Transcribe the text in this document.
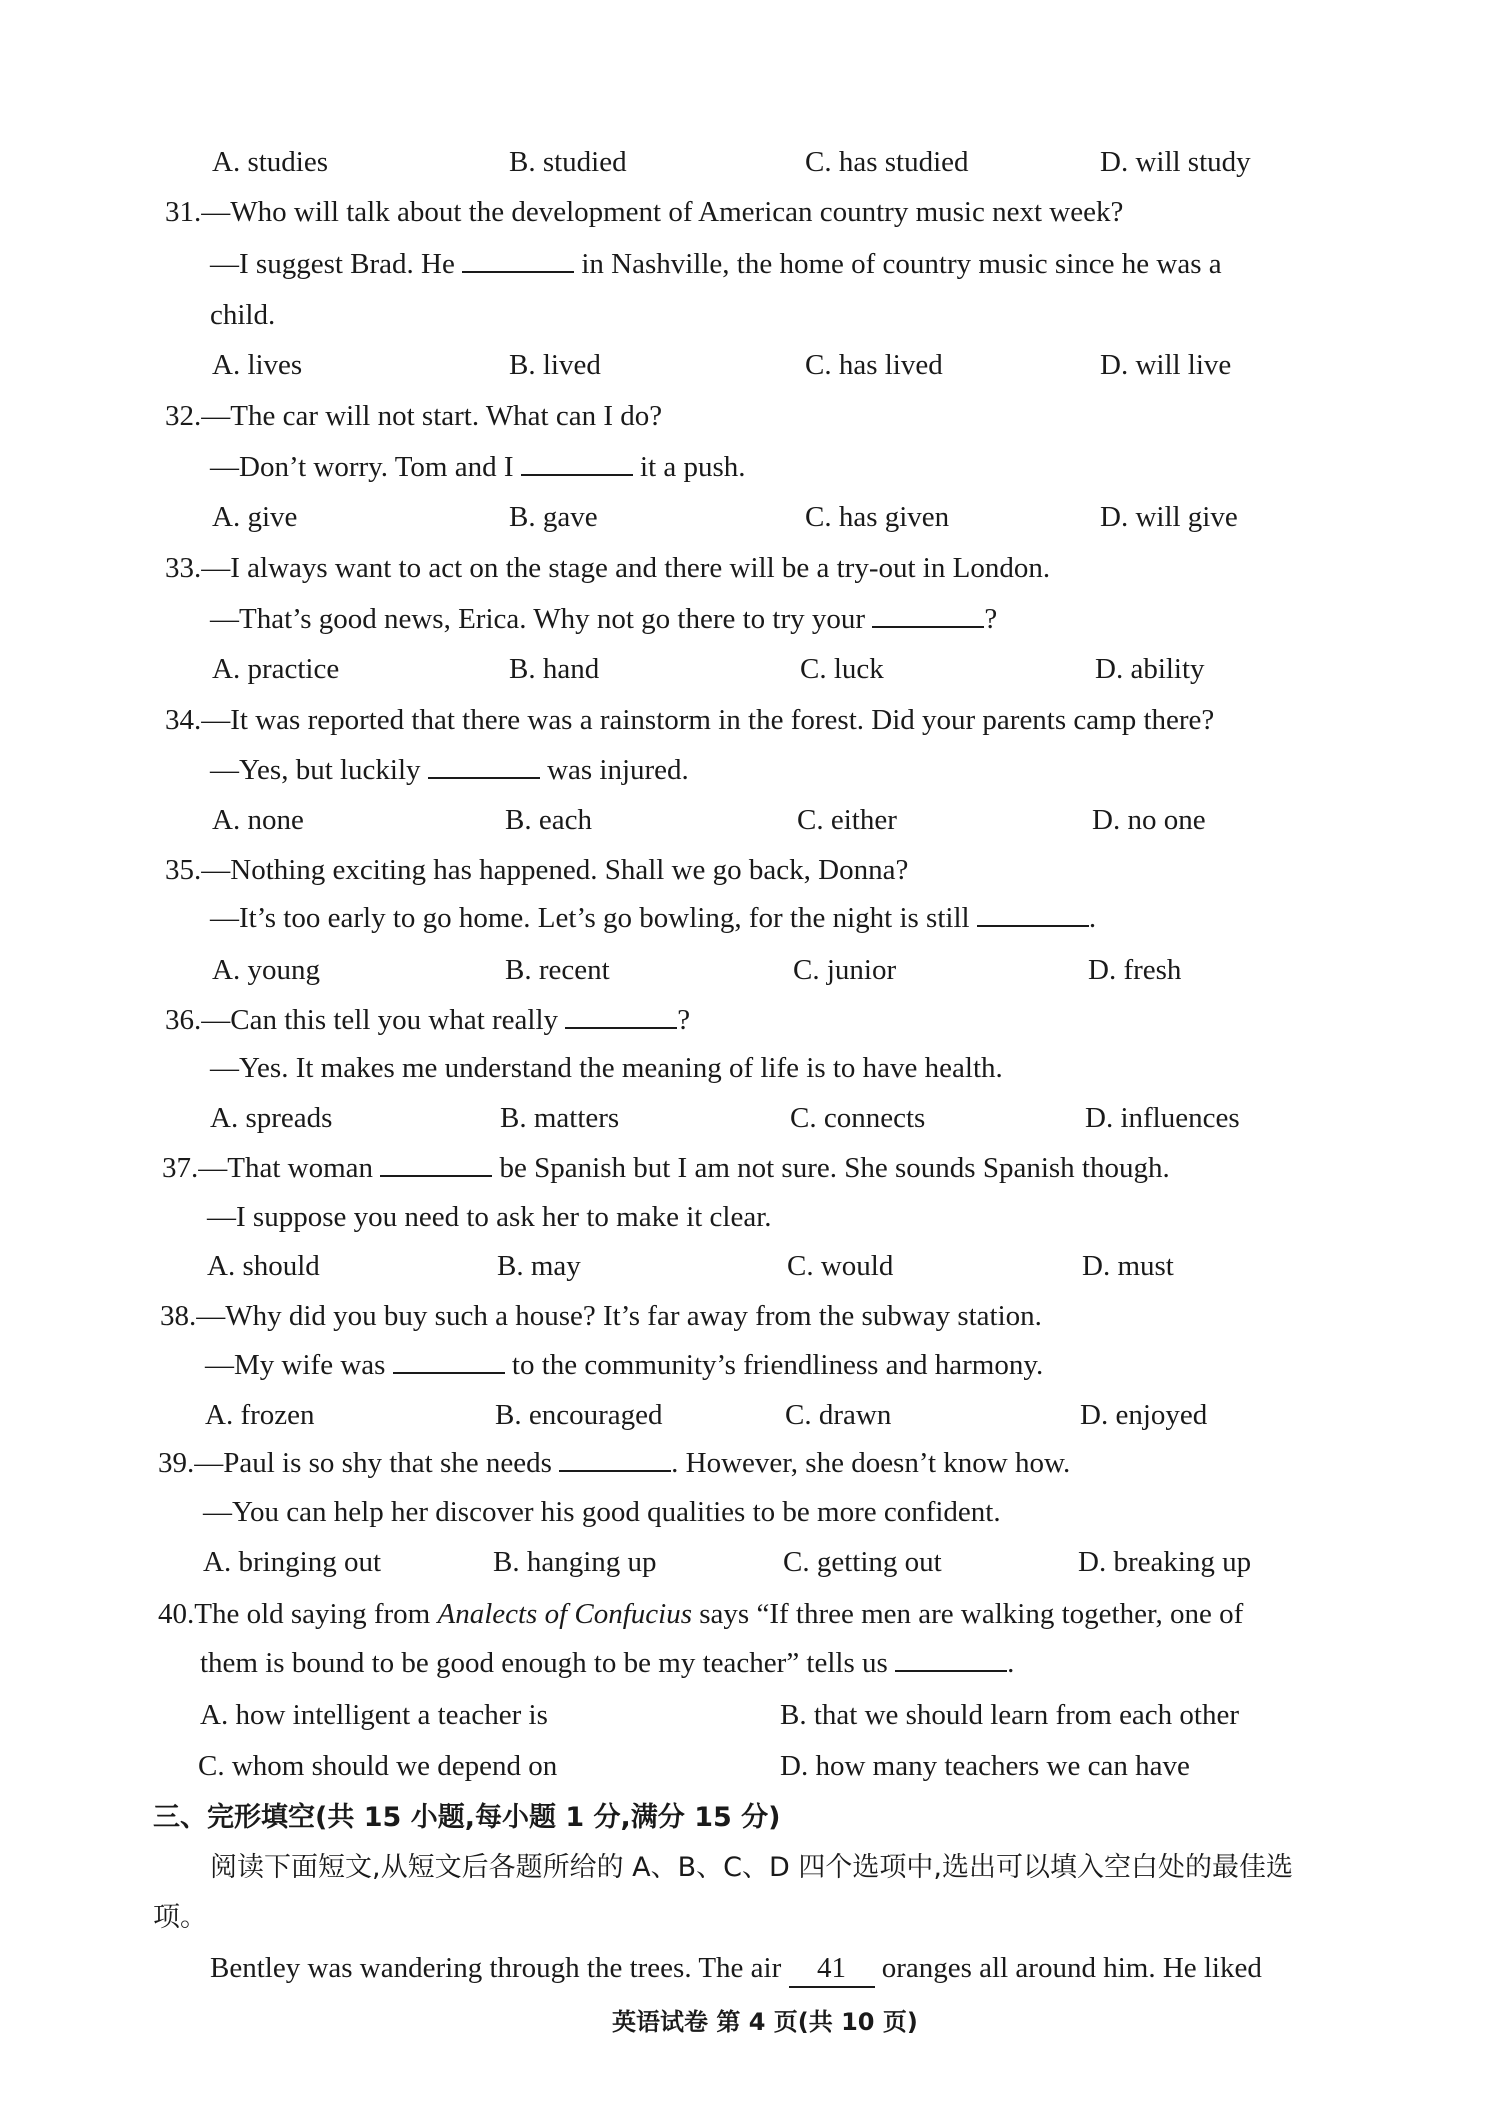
A. studies	B. studied	C. has studied	D. will study
31.—Who will talk about the development of American country music next week?
—I suggest Brad. He	in Nashville, the home of country music since he was a
child.
A. lives	B. lived	C. has lived	D. will live
32.—The car will not start. What can I do?
—Don’t worry. Tom and I	it a push.
A. give	B. gave	C. has given	D. will give
33.—I always want to act on the stage and there will be a try-out in London.
—That’s good news, Erica. Why not go there to try your	?
A. practice	B. hand	C. luck	D. ability
34.—It was reported that there was a rainstorm in the forest. Did your parents camp there?
—Yes, but luckily	was injured.
A. none	B. each	C. either	D. no one
35.—Nothing exciting has happened. Shall we go back, Donna?
—It’s too early to go home. Let’s go bowling, for the night is still	.
A. young	B. recent	C. junior	D. fresh
36.—Can this tell you what really	?
—Yes. It makes me understand the meaning of life is to have health.
A. spreads	B. matters	C. connects	D. influences
37.—That woman	be Spanish but I am not sure. She sounds Spanish though.
—I suppose you need to ask her to make it clear.
A. should	B. may	C. would	D. must
38.—Why did you buy such a house? It’s far away from the subway station.
—My wife was	to the community’s friendliness and harmony.
A. frozen	B. encouraged	C. drawn	D. enjoyed
39.—Paul is so shy that she needs	. However, she doesn’t know how.
—You can help her discover his good qualities to be more confident.
A. bringing out	B. hanging up	C. getting out	D. breaking up
40.The old saying from Analects of Confucius says “If three men are walking together, one of
them is bound to be good enough to be my teacher” tells us	.
A. how intelligent a teacher is	B. that we should learn from each other
C. whom should we depend on	D. how many teachers we can have
三、完形填空(共 15 小题,每小题 1 分,满分 15 分)
阅读下面短文,从短文后各题所给的 A、B、C、D 四个选项中,选出可以填入空白处的最佳选
项。
Bentley was wandering through the trees. The air 41 oranges all around him. He liked
英语试卷 第 4 页(共 10 页)
